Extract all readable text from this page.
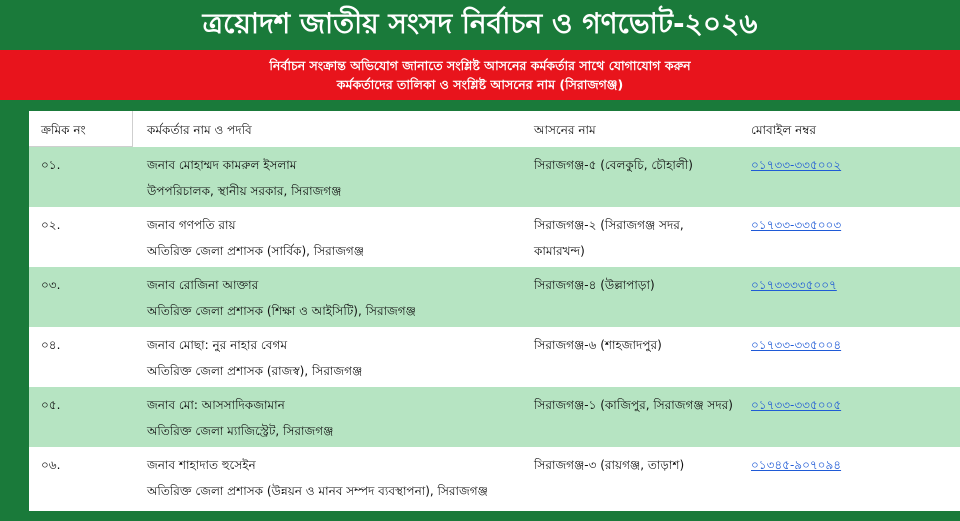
ত্রয়োদশ জাতীয় সংসদ নির্বাচন ও গণভোট-২০২৬
নির্বাচন সংক্রান্ত অভিযোগ জানাতে সংশ্লিষ্ট আসনের কর্মকর্তার সাথে যোগাযোগ করুন
কর্মকর্তাদের তালিকা ও সংশ্লিষ্ট আসনের নাম (সিরাজগঞ্জ)
ক্রমিক নং	কর্মকর্তার নাম ও পদবি	আসনের নাম	মোবাইল নম্বর
০১.	জনাব মোহাম্মদ কামরুল ইসলাম
উপপরিচালক, স্থানীয় সরকার, সিরাজগঞ্জ
সিরাজগঞ্জ-৫ (বেলকুচি, চৌহালী)	০১৭৩৩-৩৩৫০০২
০২.	জনাব গণপতি রায়
অতিরিক্ত জেলা প্রশাসক (সার্বিক), সিরাজগঞ্জ
সিরাজগঞ্জ-২ (সিরাজগঞ্জ সদর,
কামারখন্দ)
০১৭৩৩-৩৩৫০০৩
০৩.	জনাব রোজিনা আক্তার
অতিরিক্ত জেলা প্রশাসক (শিক্ষা ও আইসিটি), সিরাজগঞ্জ
সিরাজগঞ্জ-৪ (উল্লাপাড়া)	০১৭৩৩৩৩৫০০৭
০৪.	জনাব মোছা: নুর নাহার বেগম
অতিরিক্ত জেলা প্রশাসক (রাজস্ব), সিরাজগঞ্জ
সিরাজগঞ্জ-৬ (শাহজাদপুর)	০১৭৩৩-৩৩৫০০৪
০৫.	জনাব মো: আসসাদিকজামান
অতিরিক্ত জেলা ম্যাজিস্ট্রেট, সিরাজগঞ্জ
সিরাজগঞ্জ-১ (কাজিপুর, সিরাজগঞ্জ সদর) ০১৭৩৩-৩৩৫০০৫
০৬.	জনাব শাহাদাত হুসেইন
অতিরিক্ত জেলা প্রশাসক (উন্নয়ন ও মানব সম্পদ ব্যবস্থাপনা), সিরাজগঞ্জ
সিরাজগঞ্জ-৩ (রায়গঞ্জ, তাড়াশ)	০১৩৪৫-৯০৭০৯৪
